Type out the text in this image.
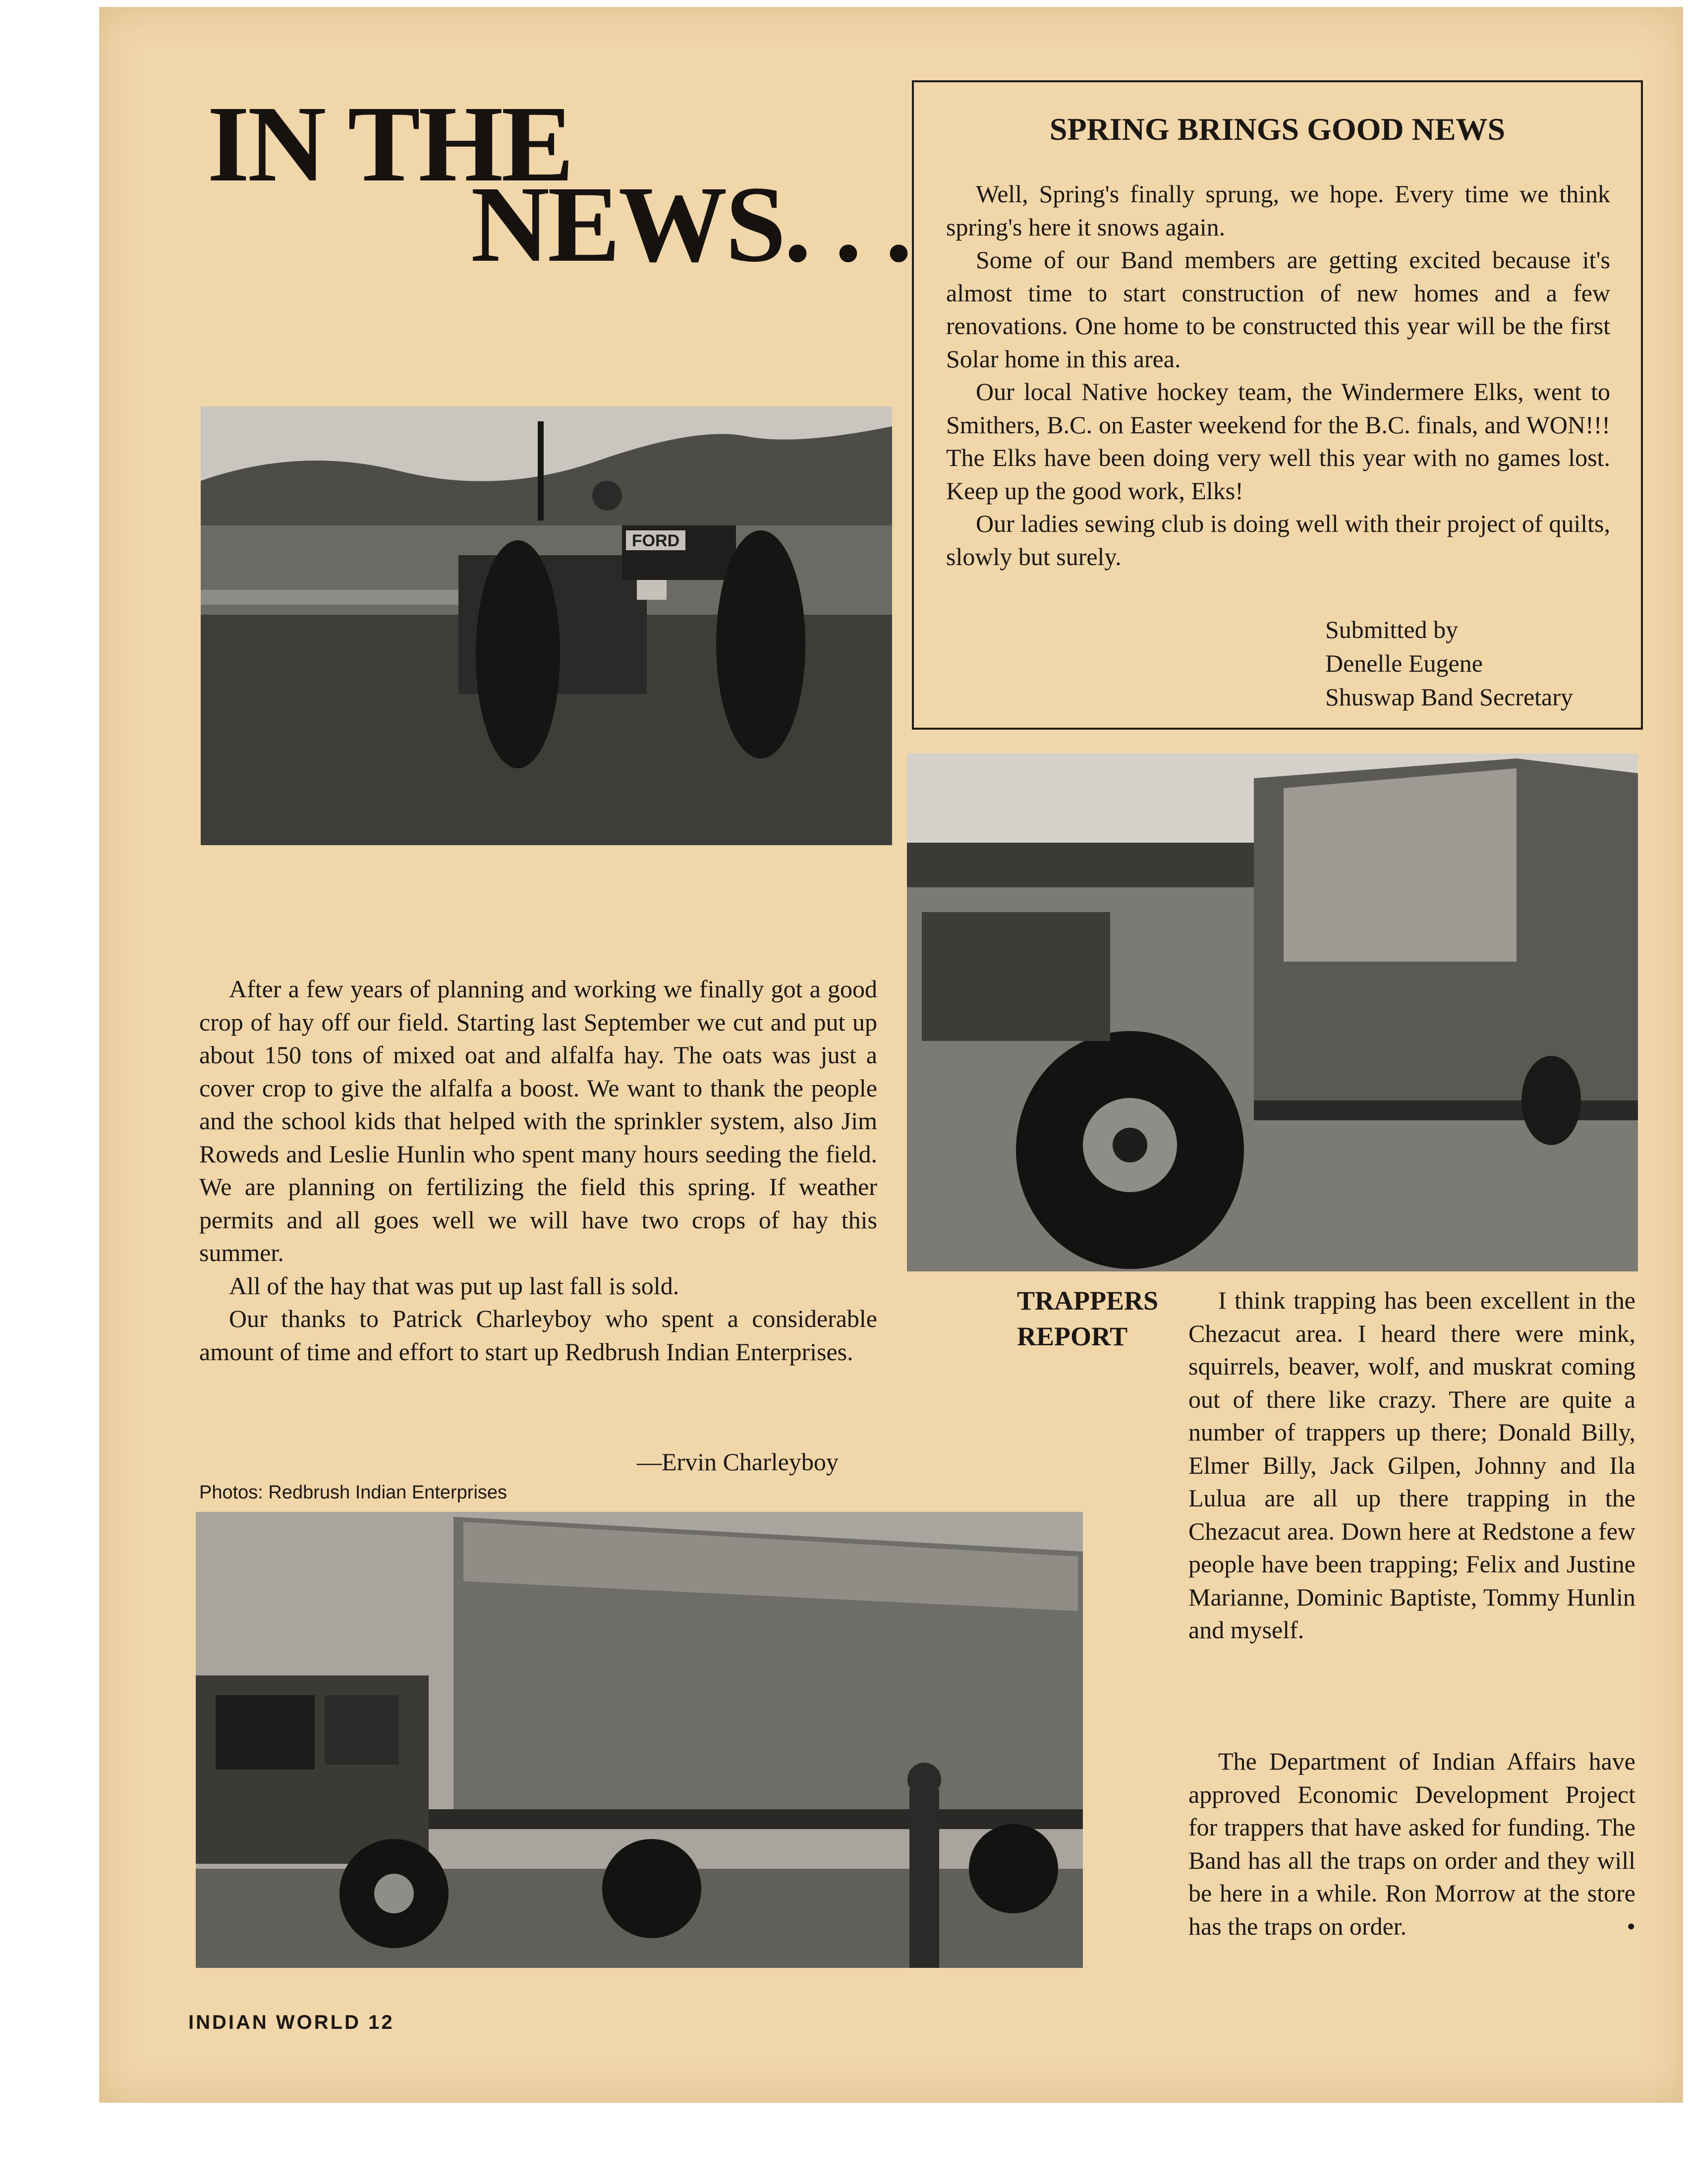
IN THE
NEWS. . .
FORD
SPRING BRINGS GOOD NEWS

Well, Spring's finally sprung, we hope. Every time we think spring's here it snows again.

Some of our Band members are getting excited because it's almost time to start construction of new homes and a few renovations. One home to be constructed this year will be the first Solar home in this area.

Our local Native hockey team, the Windermere Elks, went to Smithers, B.C. on Easter weekend for the B.C. finals, and WON!!! The Elks have been doing very well this year with no games lost. Keep up the good work, Elks!

Our ladies sewing club is doing well with their project of quilts, slowly but surely.

Submitted by
Denelle Eugene
Shuswap Band Secretary

After a few years of planning and working we finally got a good crop of hay off our field. Starting last September we cut and put up about 150 tons of mixed oat and alfalfa hay. The oats was just a cover crop to give the alfalfa a boost. We want to thank the people and the school kids that helped with the sprinkler system, also Jim Roweds and Leslie Hunlin who spent many hours seeding the field. We are planning on fertilizing the field this spring. If weather permits and all goes well we will have two crops of hay this summer.

All of the hay that was put up last fall is sold.

Our thanks to Patrick Charleyboy who spent a considerable amount of time and effort to start up Redbrush Indian Enterprises.

—Ervin Charleyboy
Photos: Redbrush Indian Enterprises
TRAPPERS
REPORT

I think trapping has been excellent in the Chezacut area. I heard there were mink, squirrels, beaver, wolf, and muskrat coming out of there like crazy. There are quite a number of trappers up there; Donald Billy, Elmer Billy, Jack Gilpen, Johnny and Ila Lulua are all up there trapping in the Chezacut area. Down here at Redstone a few people have been trapping; Felix and Justine Marianne, Dominic Baptiste, Tommy Hunlin and myself.

The Department of Indian Affairs have approved Economic Development Project for trappers that have asked for funding. The Band has all the traps on order and they will be here in a while. Ron Morrow at the store has the traps on order.	•

INDIAN WORLD 12
